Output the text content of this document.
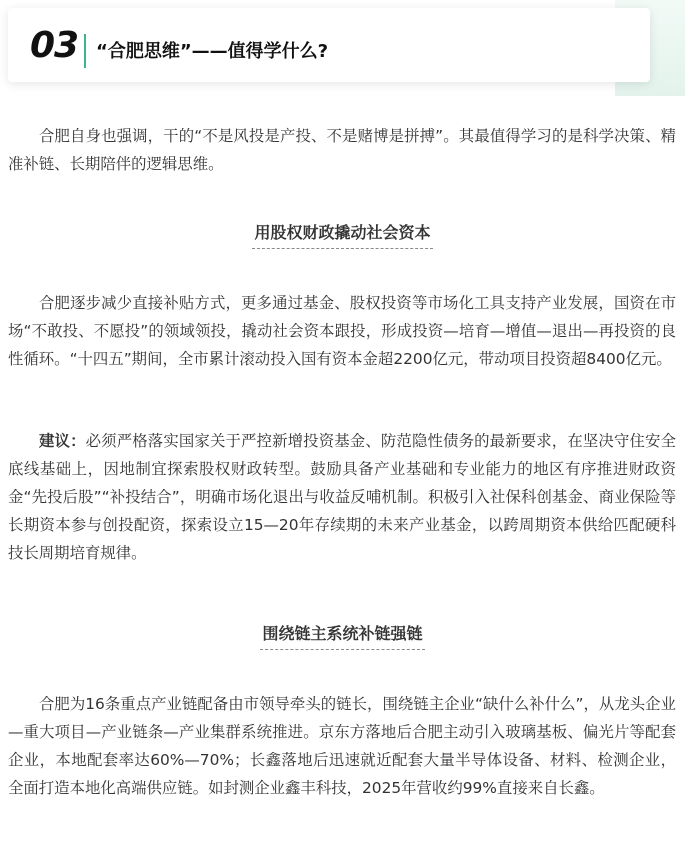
03 “合肥思维”——值得学什么?

合肥自身也强调，干的“不是风投是产投、不是赌博是拼搏”。其最值得学习的是科学决策、精准补链、长期陪伴的逻辑思维。

用股权财政撬动社会资本

合肥逐步减少直接补贴方式，更多通过基金、股权投资等市场化工具支持产业发展，国资在市场“不敢投、不愿投”的领域领投，撬动社会资本跟投，形成投资—培育—增值—退出—再投资的良性循环。“十四五”期间，全市累计滚动投入国有资本金超2200亿元，带动项目投资超8400亿元。

建议：必须严格落实国家关于严控新增投资基金、防范隐性债务的最新要求，在坚决守住安全底线基础上，因地制宜探索股权财政转型。鼓励具备产业基础和专业能力的地区有序推进财政资金“先投后股”“补投结合”，明确市场化退出与收益反哺机制。积极引入社保科创基金、商业保险等长期资本参与创投配资，探索设立15—20年存续期的未来产业基金，以跨周期资本供给匹配硬科技长周期培育规律。

围绕链主系统补链强链

合肥为16条重点产业链配备由市领导牵头的链长，围绕链主企业“缺什么补什么”，从龙头企业—重大项目—产业链条—产业集群系统推进。京东方落地后合肥主动引入玻璃基板、偏光片等配套企业，本地配套率达60%—70%；长鑫落地后迅速就近配套大量半导体设备、材料、检测企业，全面打造本地化高端供应链。如封测企业鑫丰科技，2025年营收约99%直接来自长鑫。
